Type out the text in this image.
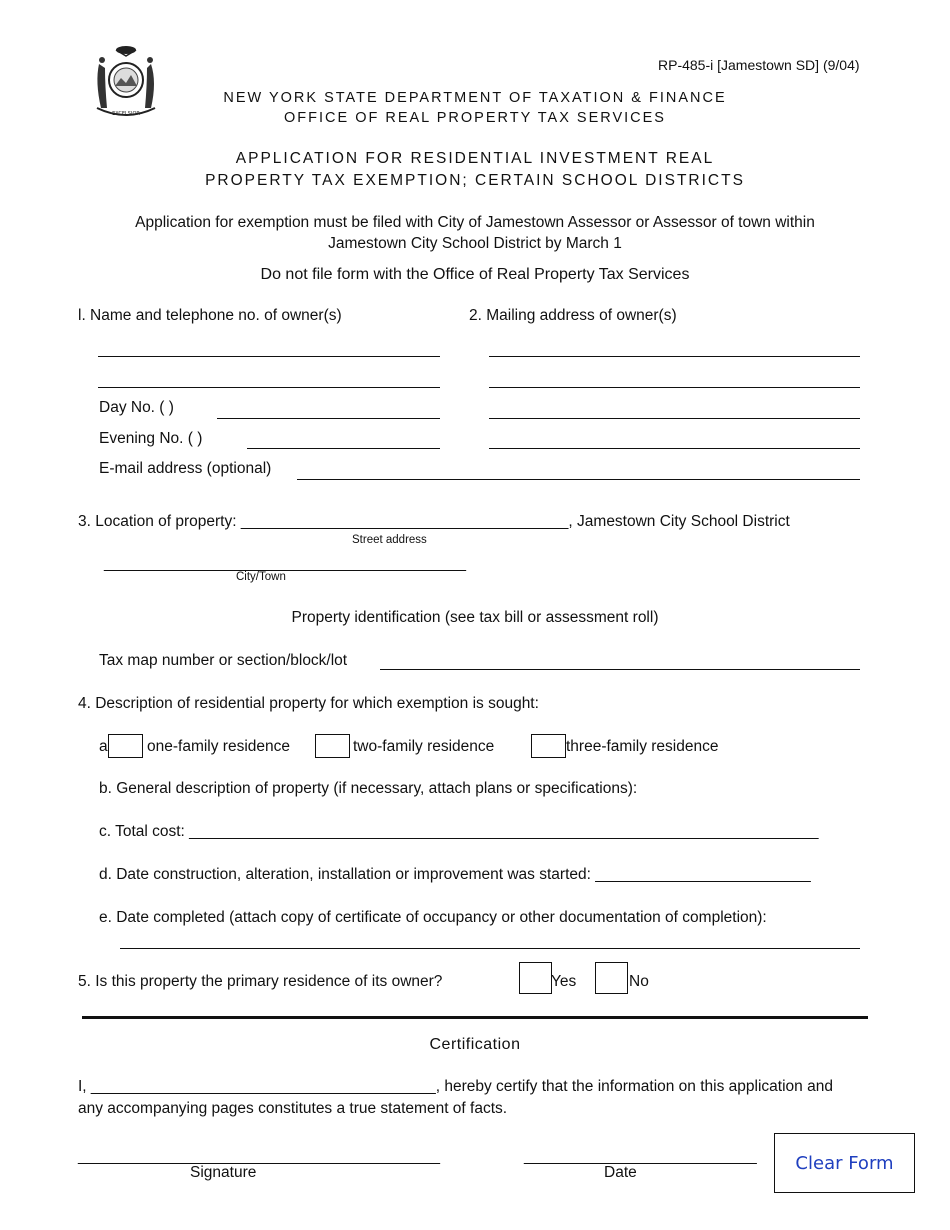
EXCELSIOR
RP-485-i [Jamestown SD] (9/04)
NEW YORK STATE DEPARTMENT OF TAXATION & FINANCE
OFFICE OF REAL PROPERTY TAX SERVICES
APPLICATION FOR RESIDENTIAL INVESTMENT REAL
PROPERTY TAX EXEMPTION; CERTAIN SCHOOL DISTRICTS
Application for exemption must be filed with City of Jamestown Assessor or Assessor of town within
Jamestown City School District by March 1
Do not file form with the Office of Real Property Tax Services
l. Name and telephone no. of owner(s)
Day No. ( )
Evening No. ( )
E-mail address (optional)
2. Mailing address of owner(s)
3. Location of property: ______________________________________, Jamestown City School District
Street address
__________________________________________
City/Town
Property identification (see tax bill or assessment roll)
Tax map number or section/block/lot
4. Description of residential property for which exemption is sought:
a	one-family residence	two-family residence	three-family residence
b. General description of property (if necessary, attach plans or specifications):
c. Total cost: _________________________________________________________________________
d. Date construction, alteration, installation or improvement was started: _________________________
e. Date completed (attach copy of certificate of occupancy or other documentation of completion):
5. Is this property the primary residence of its owner?	Yes	No
Certification
I, ________________________________________, hereby certify that the information on this application and
any accompanying pages constitutes a true statement of facts.
__________________________________________
Signature
___________________________
Date	Clear Form
